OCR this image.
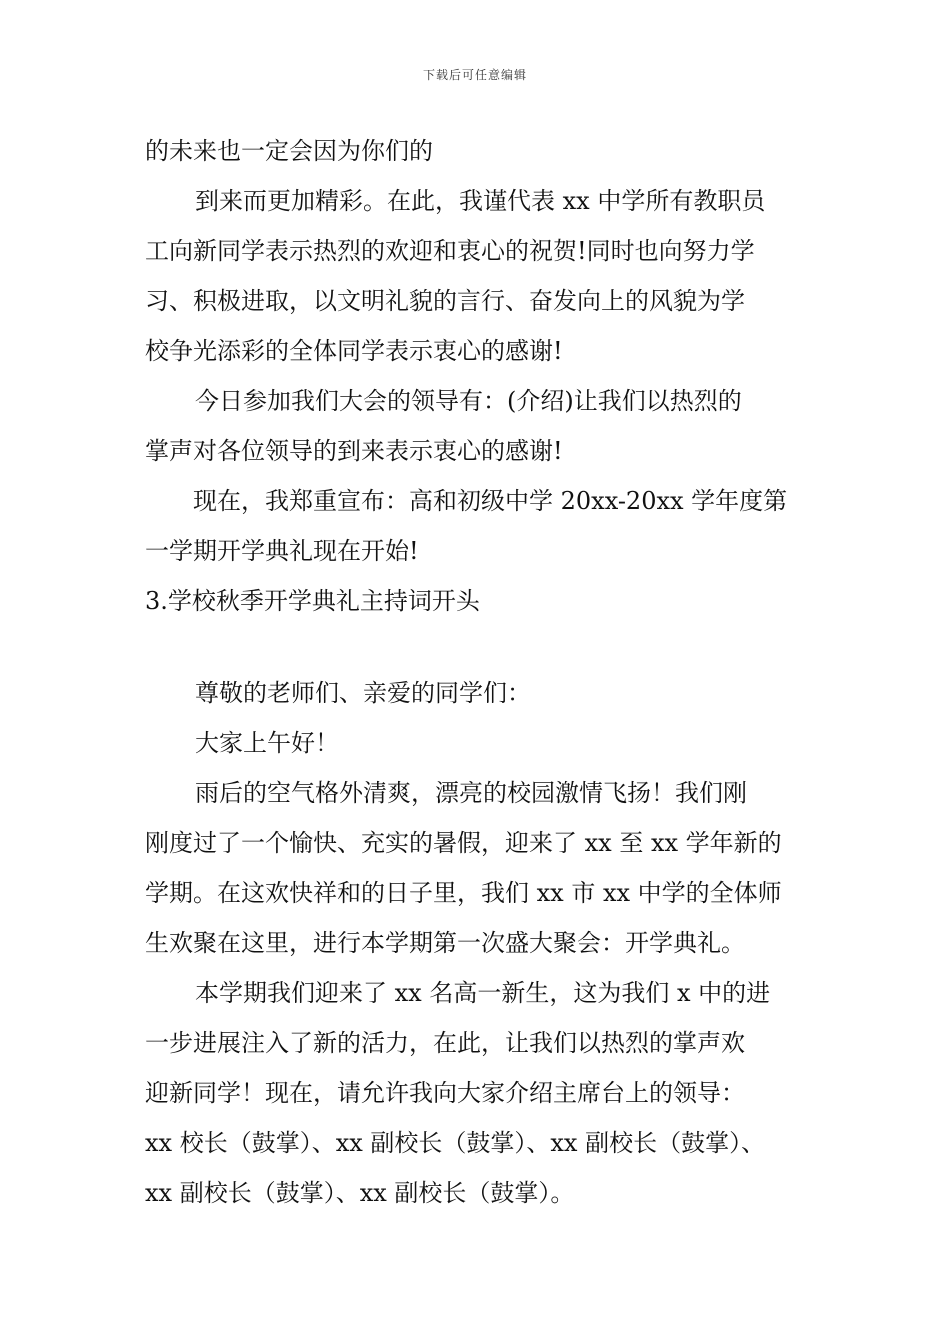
下载后可任意编辑
的未来也一定会因为你们的
到来而更加精彩。在此，我谨代表 xx 中学所有教职员
工向新同学表示热烈的欢迎和衷心的祝贺!同时也向努力学
习、积极进取，以文明礼貌的言行、奋发向上的风貌为学
校争光添彩的全体同学表示衷心的感谢!
今日参加我们大会的领导有：(介绍)让我们以热烈的
掌声对各位领导的到来表示衷心的感谢!
现在，我郑重宣布：高和初级中学 20xx-20xx 学年度第
一学期开学典礼现在开始!
3.学校秋季开学典礼主持词开头
尊敬的老师们、亲爱的同学们：
大家上午好！
雨后的空气格外清爽，漂亮的校园激情飞扬！我们刚
刚度过了一个愉快、充实的暑假，迎来了 xx 至 xx 学年新的
学期。在这欢快祥和的日子里，我们 xx 市 xx 中学的全体师
生欢聚在这里，进行本学期第一次盛大聚会：开学典礼。
本学期我们迎来了 xx 名高一新生，这为我们 x 中的进
一步进展注入了新的活力，在此，让我们以热烈的掌声欢
迎新同学！现在，请允许我向大家介绍主席台上的领导：
xx 校长（鼓掌）、xx 副校长（鼓掌）、xx 副校长（鼓掌）、
xx 副校长（鼓掌）、xx 副校长（鼓掌）。
